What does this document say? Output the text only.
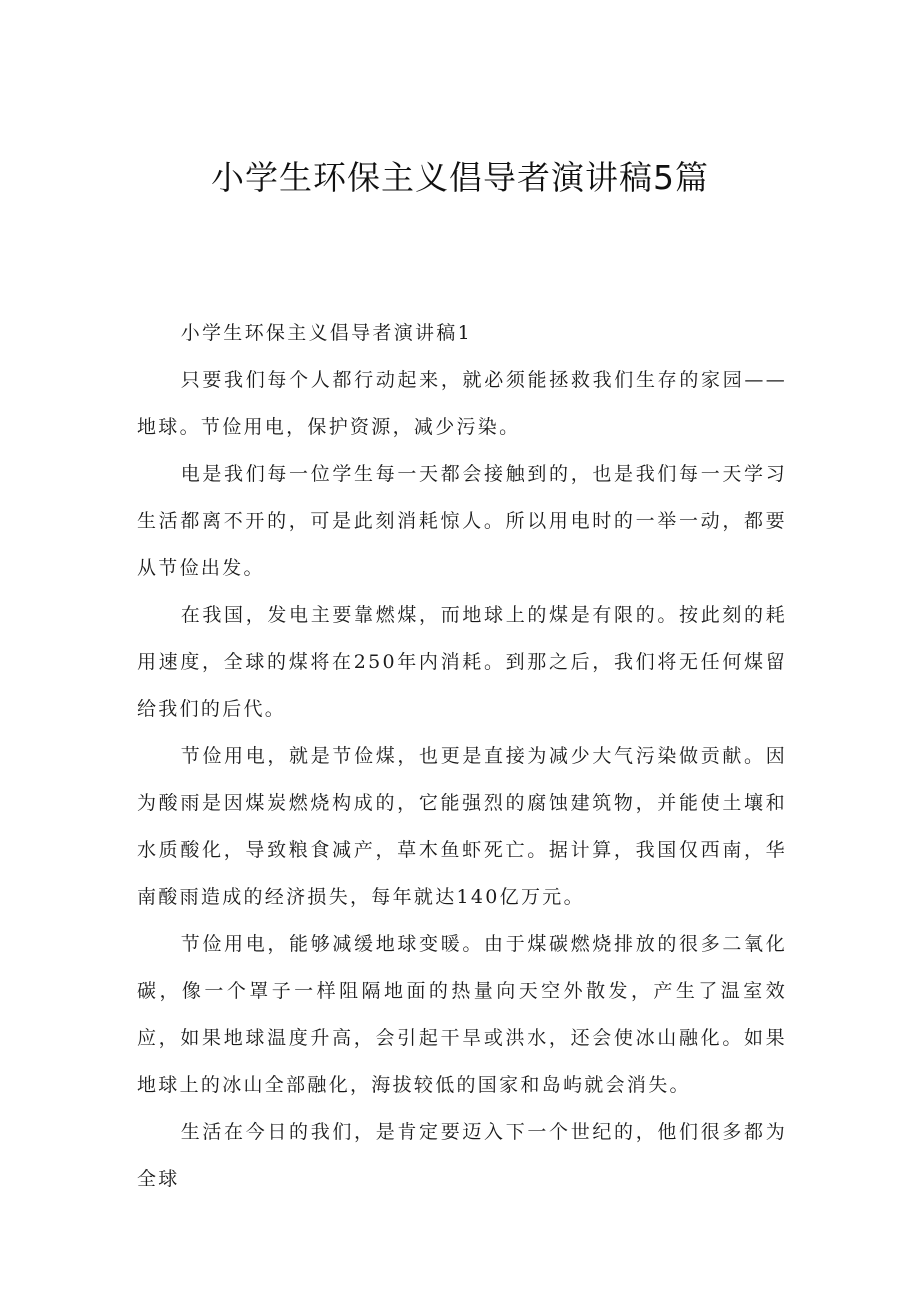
小学生环保主义倡导者演讲稿5篇

小学生环保主义倡导者演讲稿1

只要我们每个人都行动起来，就必须能拯救我们生存的家园——地球。节俭用电，保护资源，减少污染。

电是我们每一位学生每一天都会接触到的，也是我们每一天学习生活都离不开的，可是此刻消耗惊人。所以用电时的一举一动，都要从节俭出发。

在我国，发电主要靠燃煤，而地球上的煤是有限的。按此刻的耗用速度，全球的煤将在250年内消耗。到那之后，我们将无任何煤留给我们的后代。

节俭用电，就是节俭煤，也更是直接为减少大气污染做贡献。因为酸雨是因煤炭燃烧构成的，它能强烈的腐蚀建筑物，并能使土壤和水质酸化，导致粮食减产，草木鱼虾死亡。据计算，我国仅西南，华南酸雨造成的经济损失，每年就达140亿万元。

节俭用电，能够减缓地球变暖。由于煤碳燃烧排放的很多二氧化碳，像一个罩子一样阻隔地面的热量向天空外散发，产生了温室效应，如果地球温度升高，会引起干旱或洪水，还会使冰山融化。如果地球上的冰山全部融化，海拔较低的国家和岛屿就会消失。

生活在今日的我们，是肯定要迈入下一个世纪的，他们很多都为全球
